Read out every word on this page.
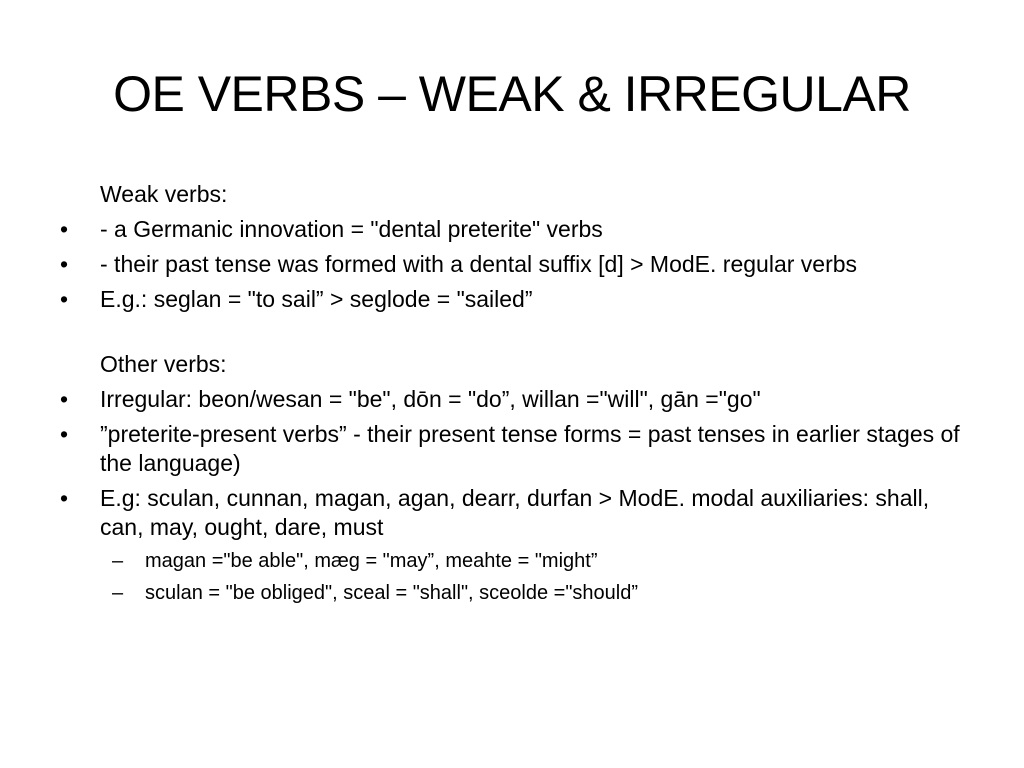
OE VERBS – WEAK & IRREGULAR

Weak verbs:

•	- a Germanic innovation = "dental preterite" verbs
•	- their past tense was formed with a dental suffix [d] > ModE. regular verbs
•	E.g.: seglan = "to sail” > seglode = "sailed”

Other verbs:

•	Irregular: beon/wesan = "be", dōn = "do”, willan ="will", gān ="go"
•	”preterite-present verbs” - their present tense forms = past tenses in earlier stages of the language)
•	E.g: sculan, cunnan, magan, agan, dearr, durfan > ModE. modal auxiliaries: shall, can, may, ought, dare, must
– magan ="be able", mæg = "may”, meahte = "might”
– sculan = "be obliged", sceal = "shall", sceolde ="should”
